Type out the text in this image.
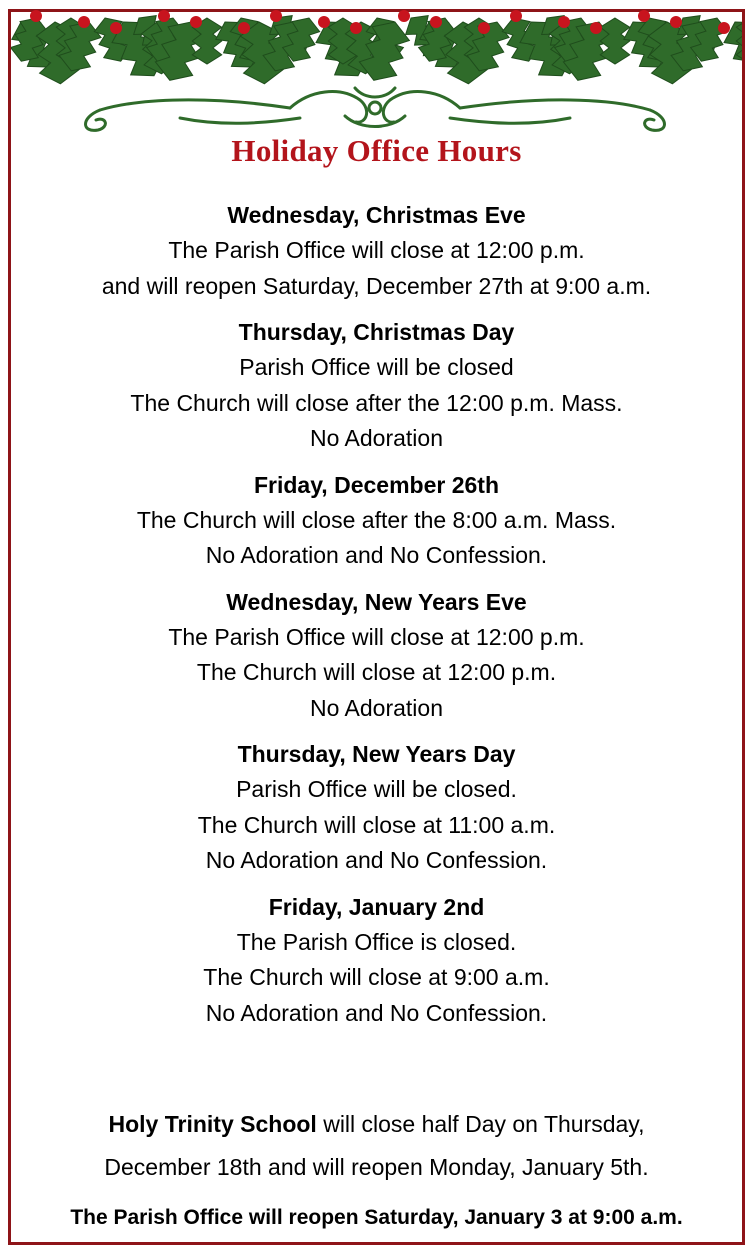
Holiday Office Hours
Wednesday, Christmas Eve

The Parish Office will close at 12:00 p.m.

and will reopen Saturday, December 27th at 9:00 a.m.

Thursday, Christmas Day

Parish Office will be closed

The Church will close after the 12:00 p.m. Mass.

No Adoration

Friday, December 26th

The Church will close after the 8:00 a.m. Mass.

No Adoration and No Confession.

Wednesday, New Years Eve

The Parish Office will close at 12:00 p.m.

The Church will close at 12:00 p.m.

No Adoration

Thursday, New Years Day

Parish Office will be closed.

The Church will close at 11:00 a.m.

No Adoration and No Confession.

Friday, January 2nd

The Parish Office is closed.

The Church will close at 9:00 a.m.

No Adoration and No Confession.

Holy Trinity School will close half Day on Thursday,
December 18th and will reopen Monday, January 5th.
The Parish Office will reopen Saturday, January 3 at 9:00 a.m.
